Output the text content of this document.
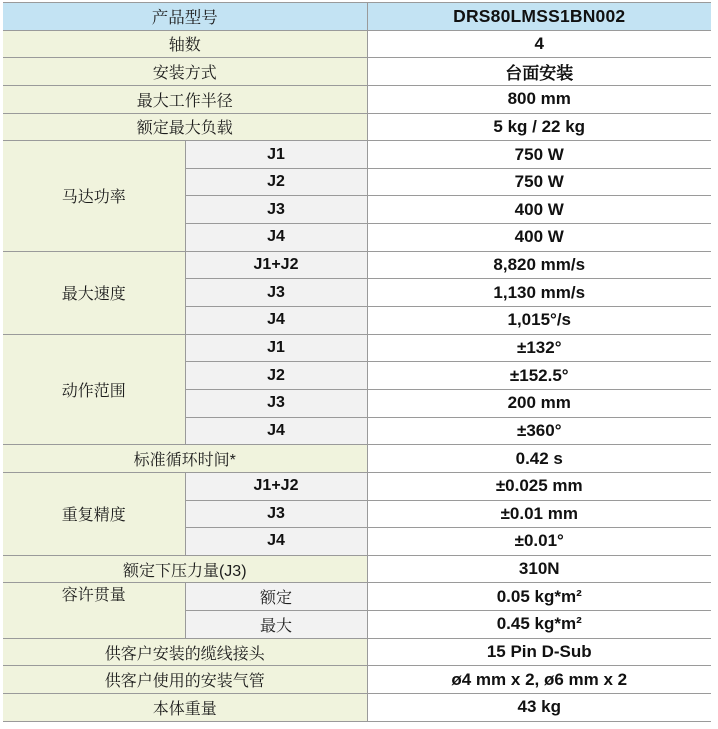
产品型号		DRS80LMSS1BN002
轴数		4
安装方式		台面安装
最大工作半径		800 mm
额定最大负载		5 kg / 22 kg
马达功率	J1	750 W
	J2	750 W
	J3	400 W
	J4	400 W
最大速度	J1+J2	8,820 mm/s
	J3	1,130 mm/s
	J4	1,015°/s
动作范围	J1	±132°
	J2	±152.5°
	J3	200 mm
	J4	±360°
标准循环时间*		0.42 s
重复精度	J1+J2	±0.025 mm
	J3	±0.01 mm
	J4	±0.01°
额定下压力量(J3)		310N
容许贯量	额定	0.05 kg*m²
	最大	0.45 kg*m²
供客户安装的缆线接头		15 Pin D-Sub
供客户使用的安装气管		ø4 mm x 2, ø6 mm x 2
本体重量		43 kg
